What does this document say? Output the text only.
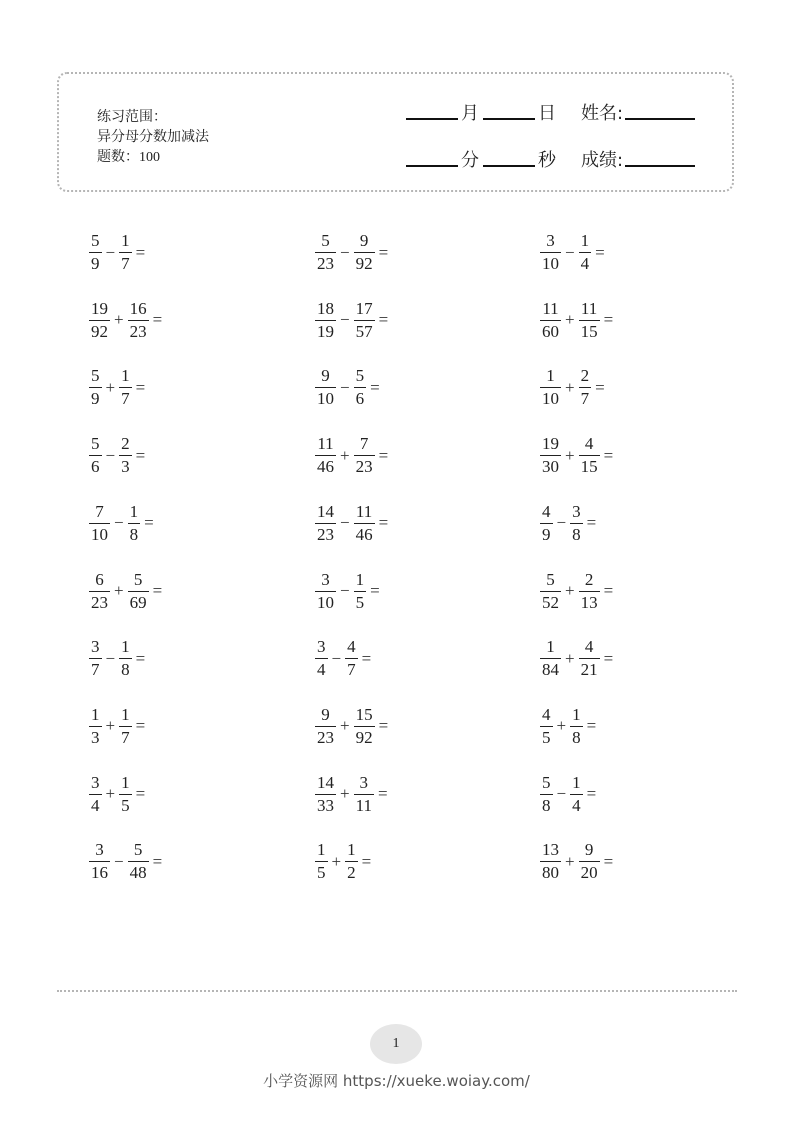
练习范围：
异分母分数加减法
题数：100
月	日 姓名:
分	秒 成绩:
$\frac{5}{9} - \frac{1}{7}$ =	$\frac{5}{23} - \frac{9}{92}$ =	$\frac{3}{10} - \frac{1}{4}$ =
$\frac{19}{92} + \frac{16}{23}$ =	$\frac{18}{19} - \frac{17}{57}$ =	$\frac{11}{60} + \frac{11}{15}$ =
$\frac{5}{9} + \frac{1}{7}$ =	$\frac{9}{10} - \frac{5}{6}$ =	$\frac{1}{10} + \frac{2}{7}$ =
$\frac{5}{6} - \frac{2}{3}$ =	$\frac{11}{46} + \frac{7}{23}$ =	$\frac{19}{30} + \frac{4}{15}$ =
$\frac{7}{10} - \frac{1}{8}$ =	$\frac{14}{23} - \frac{11}{46}$ =	$\frac{4}{9} - \frac{3}{8}$ =
$\frac{6}{23} + \frac{5}{69}$ =	$\frac{3}{10} - \frac{1}{5}$ =	$\frac{5}{52} + \frac{2}{13}$ =
$\frac{3}{7} - \frac{1}{8}$ =	$\frac{3}{4} - \frac{4}{7}$ =	$\frac{1}{84} + \frac{4}{21}$ =
$\frac{1}{3} + \frac{1}{7}$ =	$\frac{9}{23} + \frac{15}{92}$ =	$\frac{4}{5} + \frac{1}{8}$ =
$\frac{3}{4} + \frac{1}{5}$ =	$\frac{14}{33} + \frac{3}{11}$ =	$\frac{5}{8} - \frac{1}{4}$ =
$\frac{3}{16} - \frac{5}{48}$ =	$\frac{1}{5} + \frac{1}{2}$ =	$\frac{13}{80} + \frac{9}{20}$ =
1
小学资源网 https://xueke.woiay.com/
